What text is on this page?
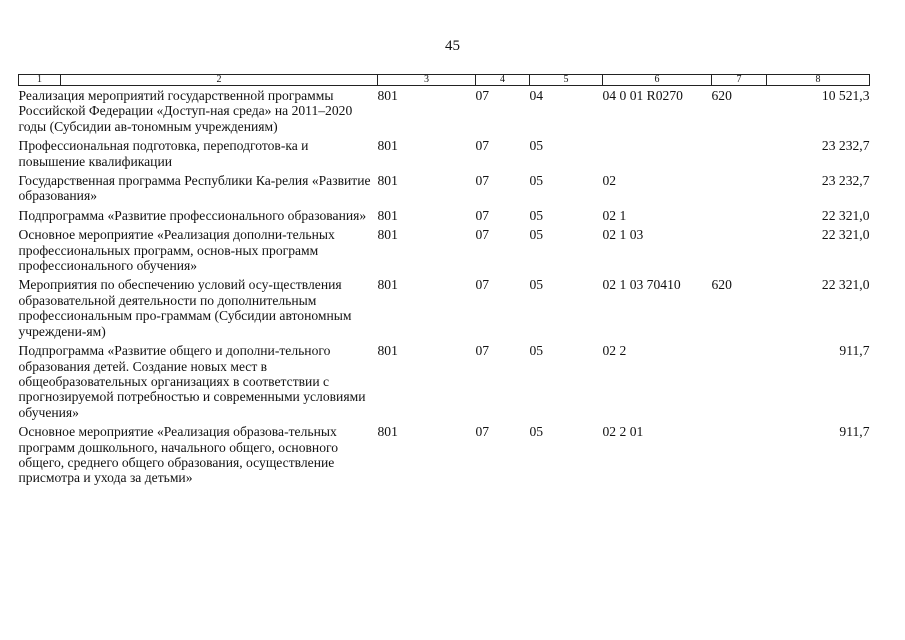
45
1	2	3	4	5	6	7	8
Реализация мероприятий государственной программы Российской Федерации «Доступ-ная среда» на 2011–2020 годы (Субсидии ав-тономным учреждениям)		801	07	04	04 0 01 R0270	620	10 521,3
Профессиональная подготовка, переподготов-ка и повышение квалификации		801	07	05			23 232,7
Государственная программа Республики Ка-релия «Развитие образования»		801	07	05	02		23 232,7
Подпрограмма «Развитие профессионального образования»		801	07	05	02 1		22 321,0
Основное мероприятие «Реализация дополни-тельных профессиональных программ, основ-ных программ профессионального обучения»		801	07	05	02 1 03		22 321,0
Мероприятия по обеспечению условий осу-ществления образовательной деятельности по дополнительным профессиональным про-граммам (Субсидии автономным учреждени-ям)		801	07	05	02 1 03 70410	620	22 321,0
Подпрограмма «Развитие общего и дополни-тельного образования детей. Создание новых мест в общеобразовательных организациях в соответствии с прогнозируемой потребностью и современными условиями обучения»		801	07	05	02 2		911,7
Основное мероприятие «Реализация образова-тельных программ дошкольного, начального общего, основного общего, среднего общего образования, осуществление присмотра и ухода за детьми»		801	07	05	02 2 01		911,7
